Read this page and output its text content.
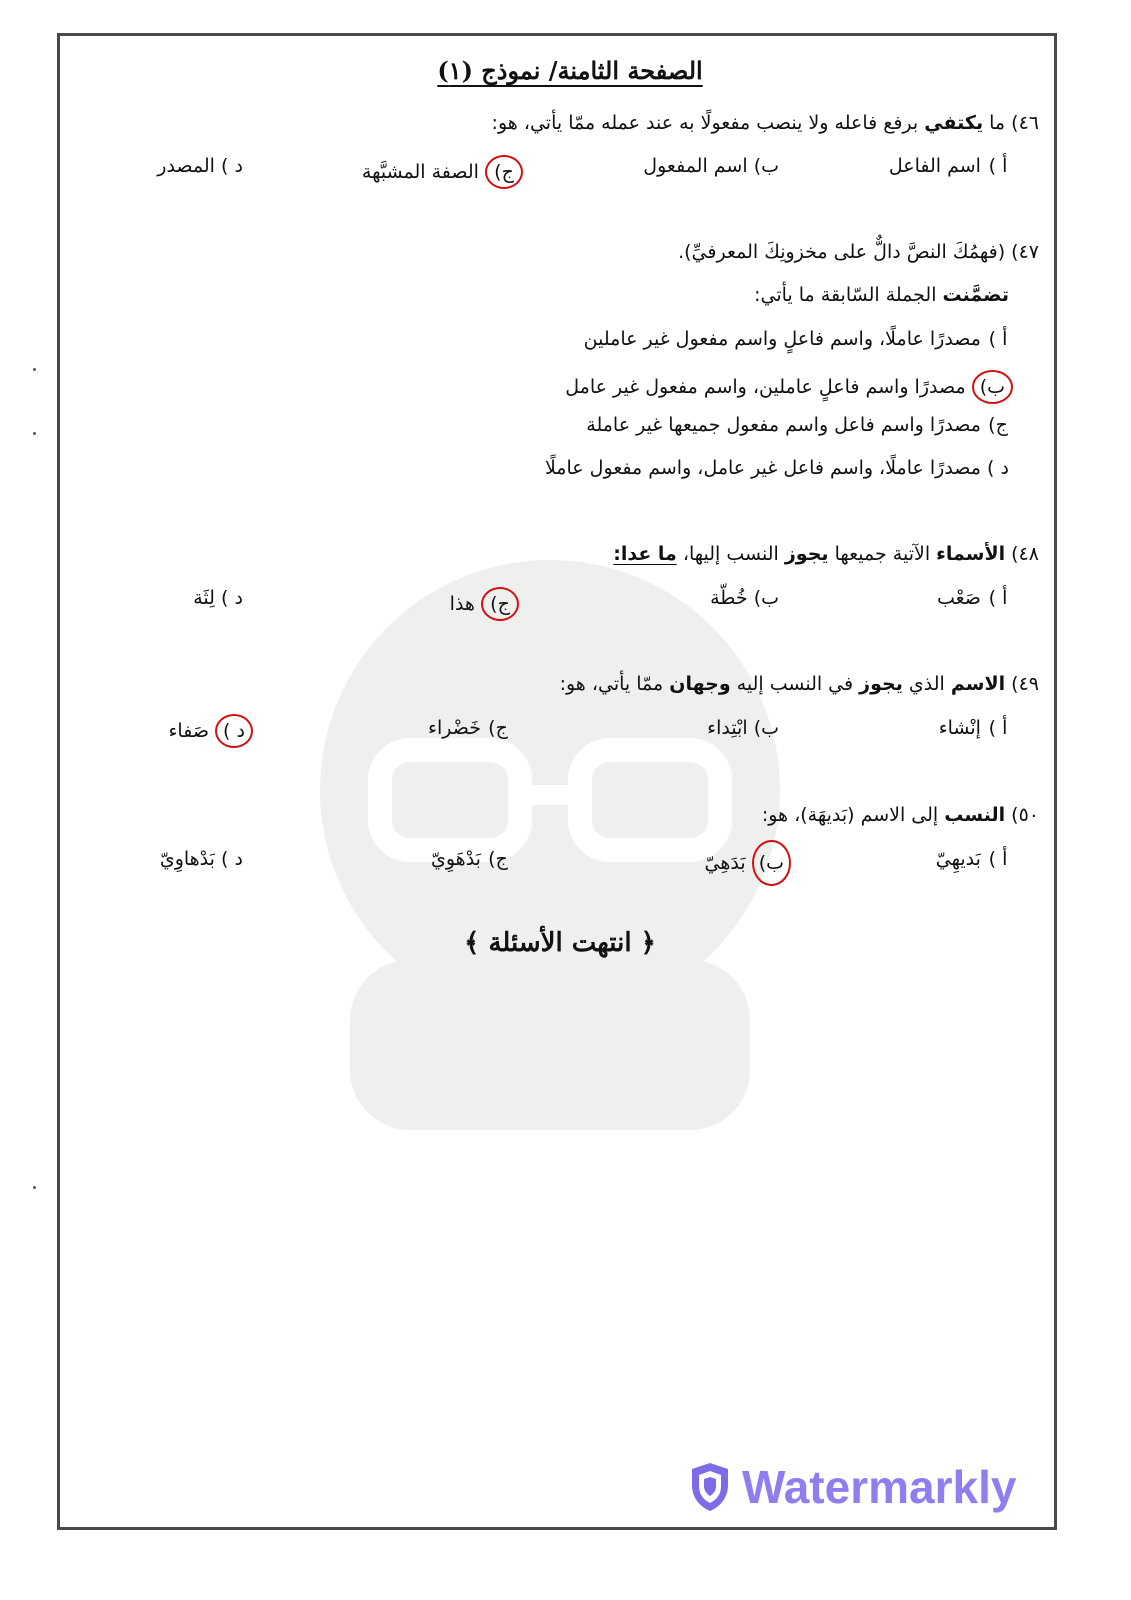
الصفحة الثامنة/ نموذج (١)
٤٦) ما يكتفي برفع فاعله ولا ينصب مفعولًا به عند عمله ممّا يأتي، هو:
أ ) اسم الفاعل
ب) اسم المفعول
ج) الصفة المشبَّهة
د ) المصدر
٤٧) (فهمُكَ النصَّ دالٌّ على مخزونِكَ المعرفيِّ).
تضمَّنت الجملة السّابقة ما يأتي:
أ ) مصدرًا عاملًا، واسم فاعلٍ واسم مفعول غير عاملين
ب) مصدرًا واسم فاعلٍ عاملين، واسم مفعول غير عامل
ج) مصدرًا واسم فاعل واسم مفعول جميعها غير عاملة
د ) مصدرًا عاملًا، واسم فاعل غير عامل، واسم مفعول عاملًا
٤٨) الأسماء الآتية جميعها يجوز النسب إليها، ما عدا:
أ ) صَعْب
ب) خُطّة
ج) هذا
د ) لِثَة
٤٩) الاسم الذي يجوز في النسب إليه وجهان ممّا يأتي، هو:
أ ) إنْشاء
ب) ابْتِداء
ج) خَضْراء
د ) صَفاء
٥٠) النسب إلى الاسم (بَديهَة)، هو:
أ ) بَديهِيّ
ب) بَدَهِيّ
ج) بَدْهَوِيّ
د ) بَدْهاوِيّ
﴿ انتهت الأسئلة ﴾
Watermarkly
